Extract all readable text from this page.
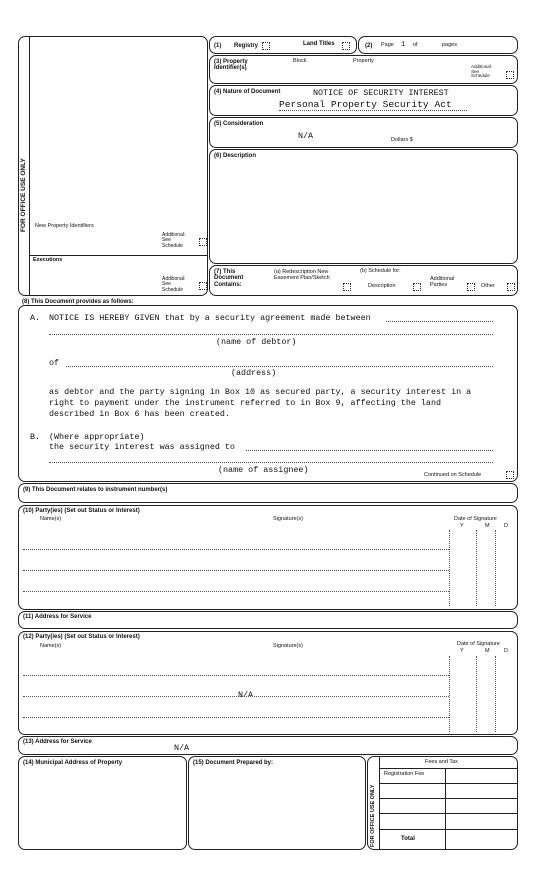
FOR OFFICE USE ONLY New Property Identifiers
Additional:
See
Schedule
Executions
Additional:
See
Schedule
(1) Registry	Land Titles	(2) Page 1 of	pages
(3) Property Identifier(s)
Block	Property
Additional:
See
Schedule
(4) Nature of Document	NOTICE OF SECURITY INTEREST
Personal Property Security Act
(5) Consideration
N/A	Dollars $
(6) Description
(7) This Document Contains:
(a) Redescription New Easement Plan/Sketch
(b) Schedule for:
Description
Additional Parties	Other
(8) This Document provides as follows:
A. NOTICE IS HEREBY GIVEN that by a security agreement made between
(name of debtor)
of
(address)
as debtor and the party signing in Box 10 as secured party, a security interest in a
right to payment under the instrument referred to in Box 9, affecting the land
described in Box 6 has been created.
B. (Where appropriate)
the security interest was assigned to
(name of assignee)	Continued on Schedule
(9) This Document relates to instrument number(s)
(10) Party(ies) (Set out Status or Interest)
Name(s)	Signature(s)	Date of Signature
Y	M	D
(11) Address for Service
(12) Party(ies) (Set out Status or Interest)
Name(s)	Signature(s)	Date of Signature
Y	M	D
N/A
(13) Address for Service
N/A
(14) Municipal Address of Property	(15) Document Prepared by:
FOR OFFICE USE ONLY
Fees and Tax
Registration Fee
Total
